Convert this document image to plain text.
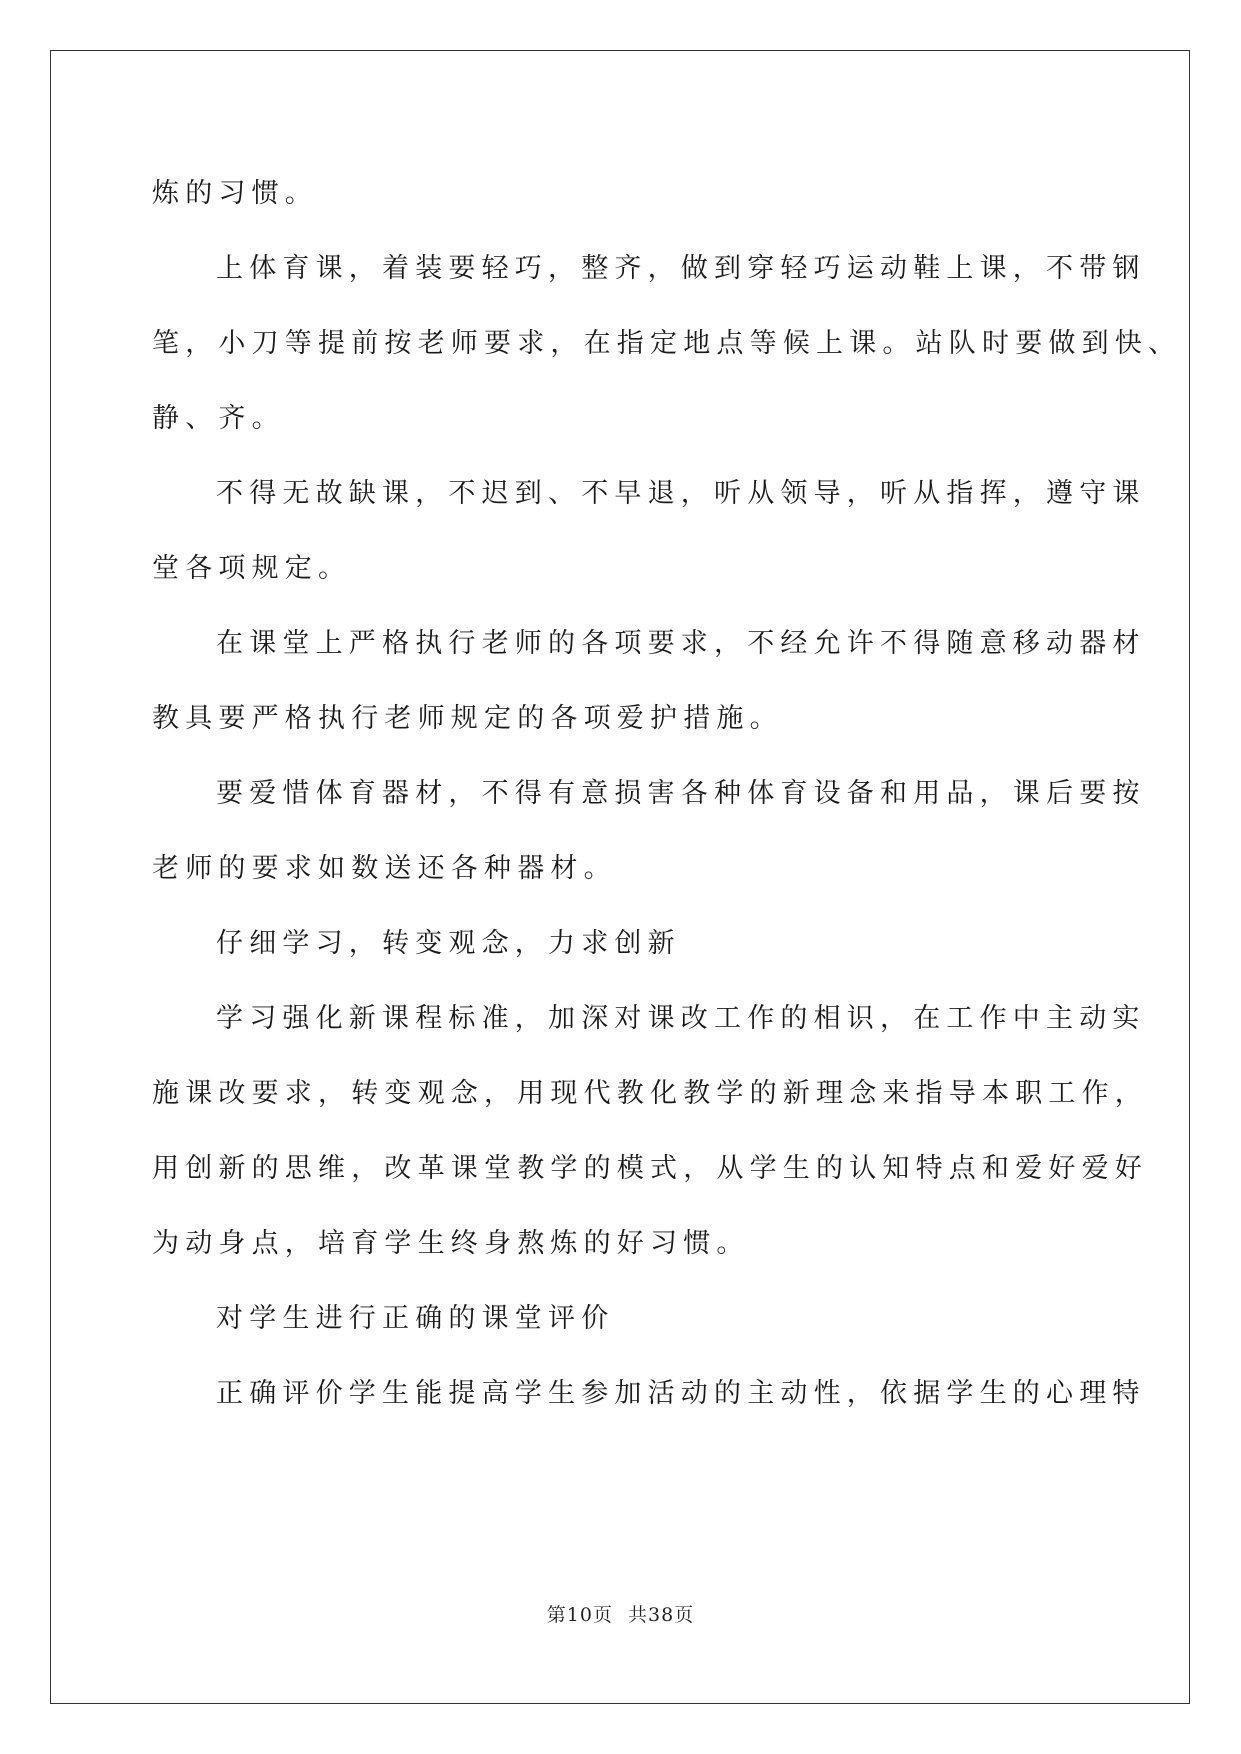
炼的习惯。
上体育课，着装要轻巧，整齐，做到穿轻巧运动鞋上课，不带钢
笔，小刀等提前按老师要求，在指定地点等候上课。站队时要做到快、
静、齐。
不得无故缺课，不迟到、不早退，听从领导，听从指挥，遵守课
堂各项规定。
在课堂上严格执行老师的各项要求，不经允许不得随意移动器材
教具要严格执行老师规定的各项爱护措施。
要爱惜体育器材，不得有意损害各种体育设备和用品，课后要按
老师的要求如数送还各种器材。
仔细学习，转变观念，力求创新
学习强化新课程标准，加深对课改工作的相识，在工作中主动实
施课改要求，转变观念，用现代教化教学的新理念来指导本职工作，
用创新的思维，改革课堂教学的模式，从学生的认知特点和爱好爱好
为动身点，培育学生终身熬炼的好习惯。
对学生进行正确的课堂评价
正确评价学生能提高学生参加活动的主动性，依据学生的心理特
第10页 共38页
